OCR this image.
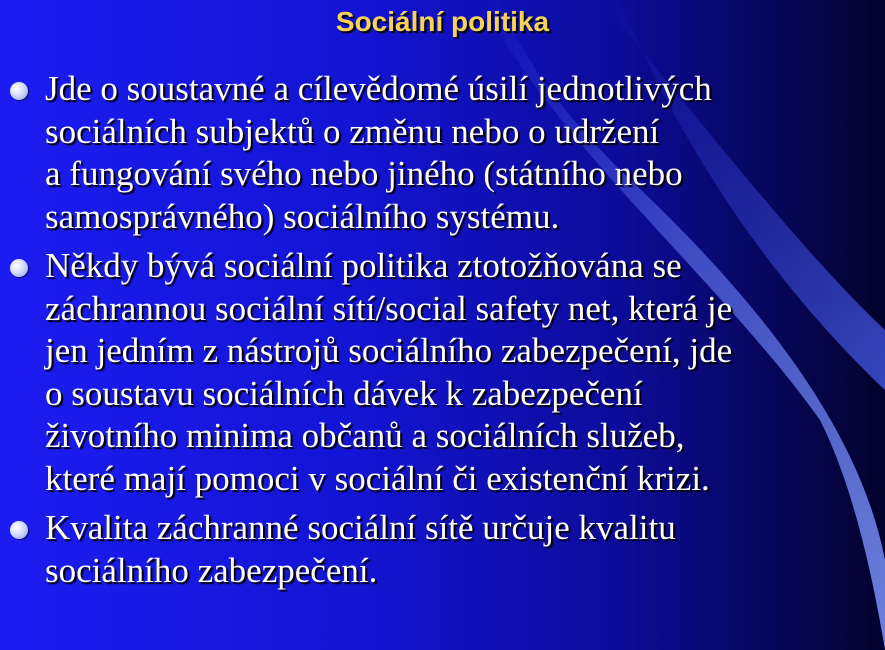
Sociální politika
Jde o soustavné a cílevědomé úsilí jednotlivých
sociálních subjektů o změnu nebo o udržení
a fungování svého nebo jiného (státního nebo
samosprávného) sociálního systému.
Někdy bývá sociální politika ztotožňována se
záchrannou sociální sítí/social safety net, která je
jen jedním z nástrojů sociálního zabezpečení, jde
o soustavu sociálních dávek k zabezpečení
životního minima občanů a sociálních služeb,
které mají pomoci v sociální či existenční krizi.
Kvalita záchranné sociální sítě určuje kvalitu
sociálního zabezpečení.
